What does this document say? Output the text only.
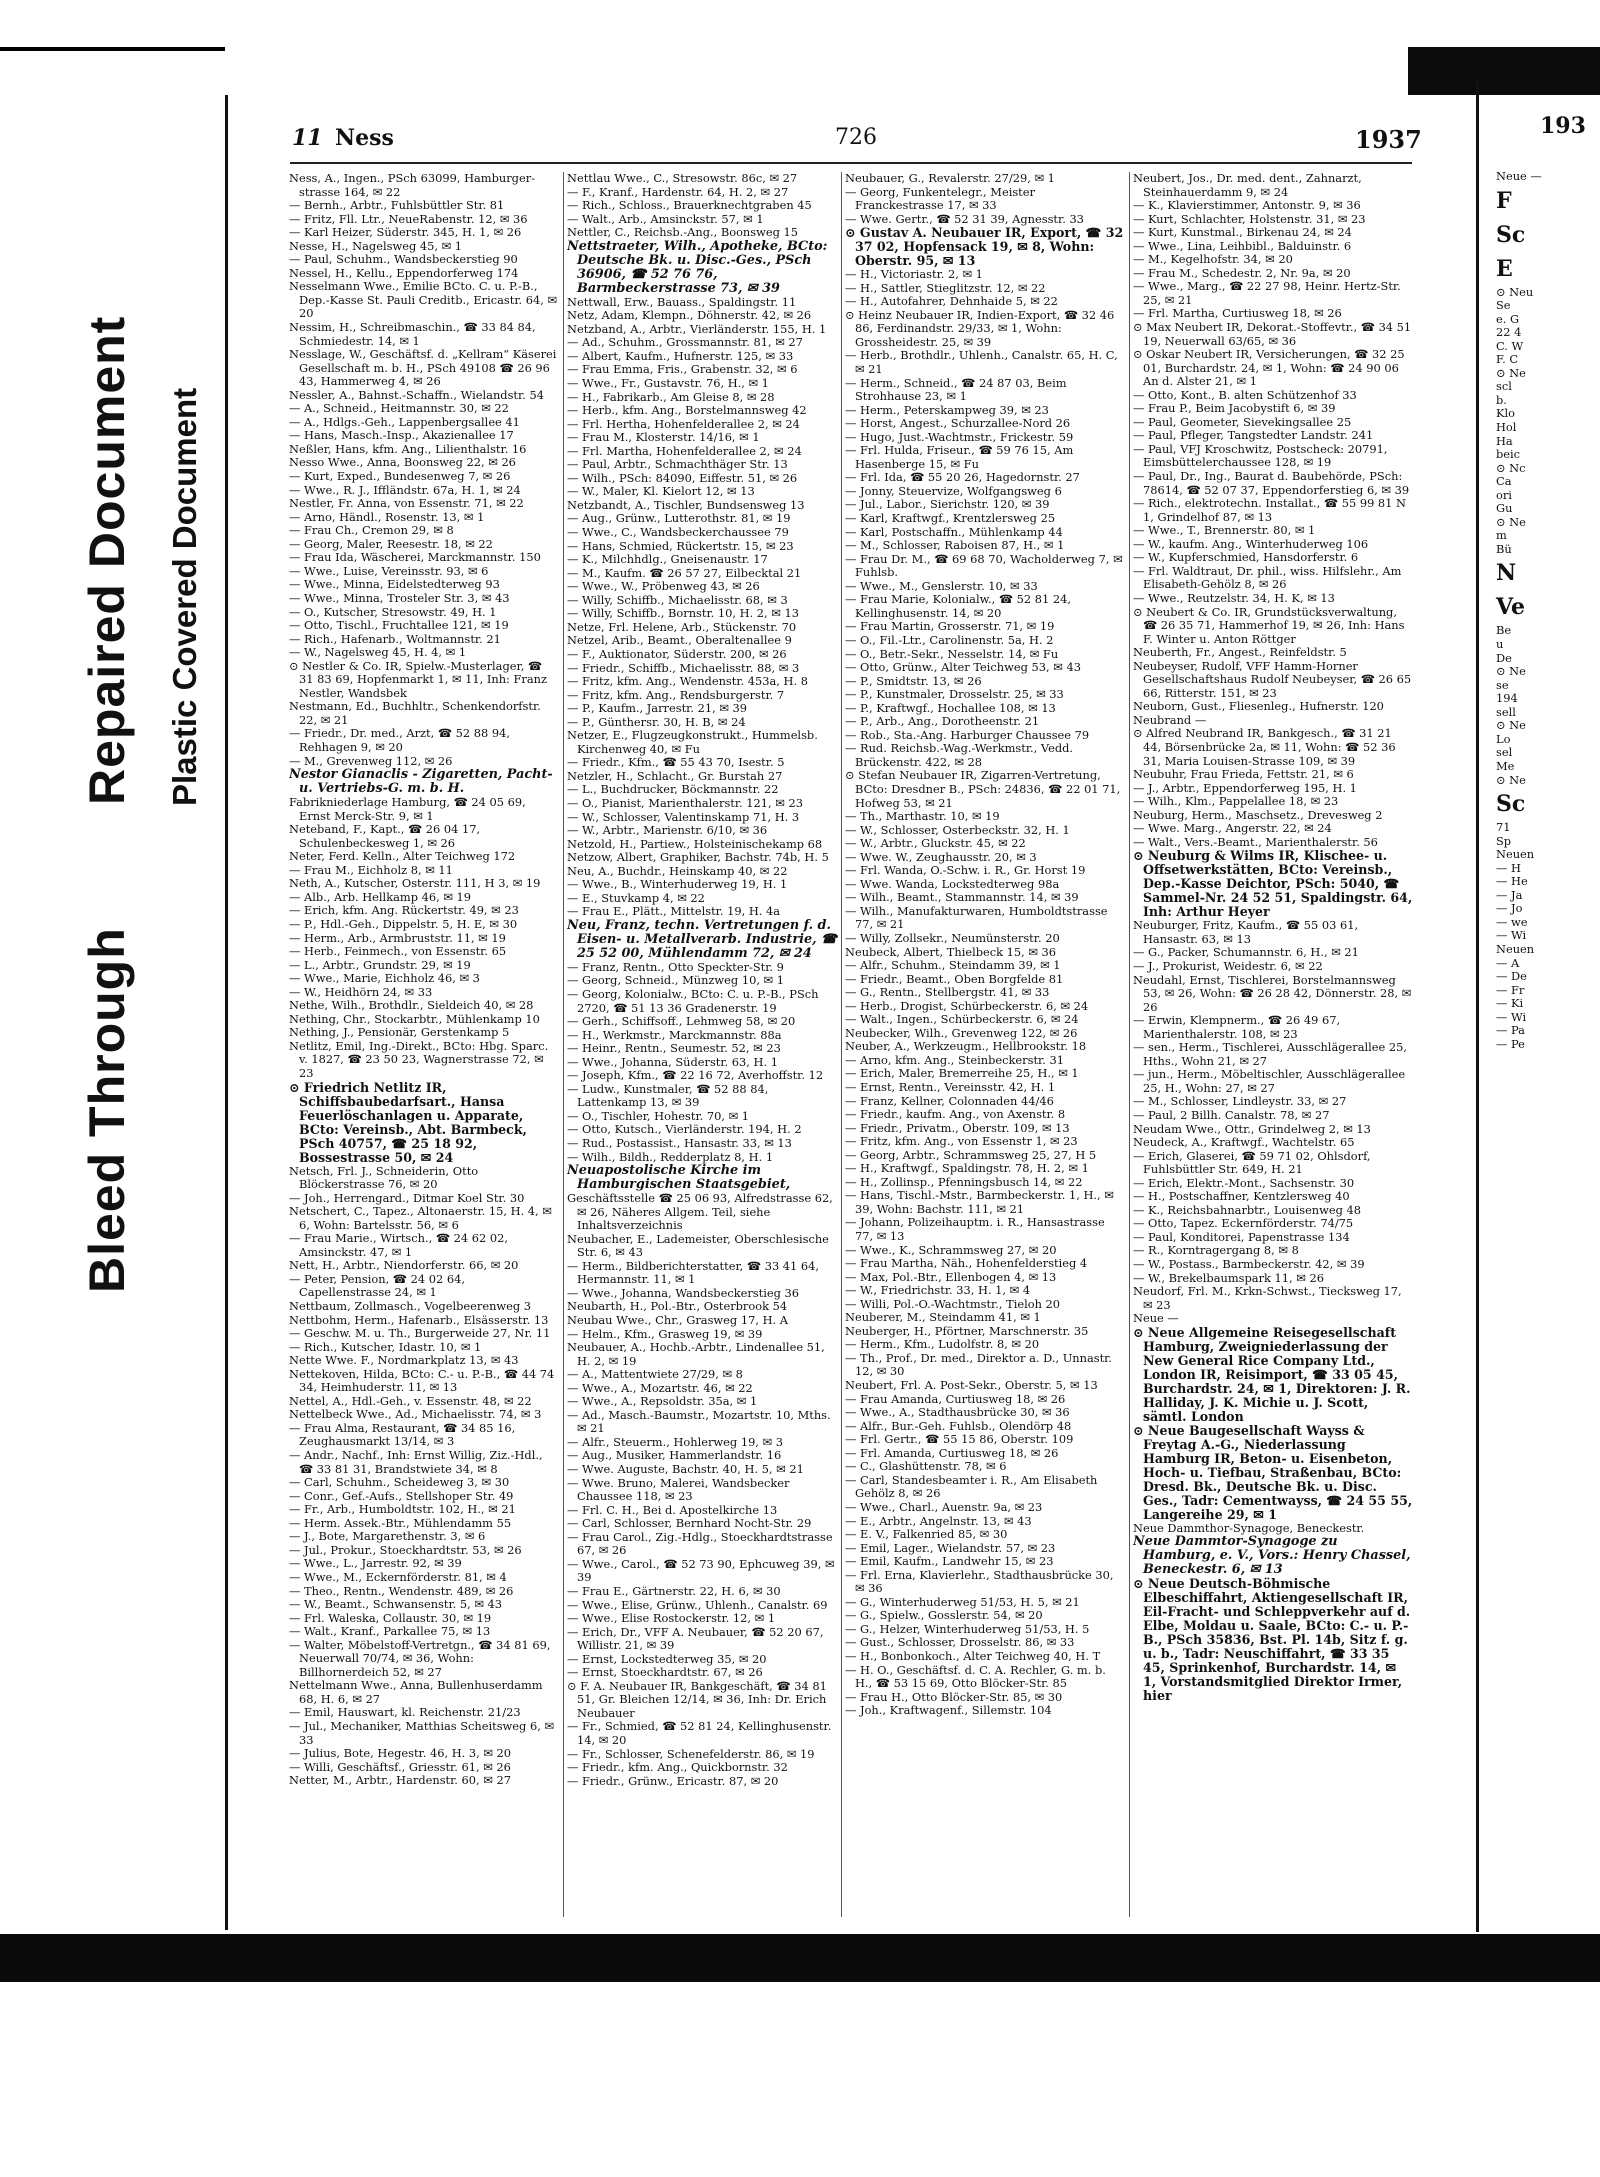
Bleed Through
Repaired Document Plastic Covered Document
11 Ness	726	1937
Ness, A., Ingen., PSch 63099, Hamburger-strasse 164, ✉ 22
— Bernh., Arbtr., Fuhlsbüttler Str. 81
— Fritz, Fll. Ltr., NeueRabenstr. 12, ✉ 36
— Karl Heizer, Süderstr. 345, H. 1, ✉ 26
Nesse, H., Nagelsweg 45, ✉ 1
— Paul, Schuhm., Wandsbeckerstieg 90
Nessel, H., Kellu., Eppendorferweg 174
Nesselmann Wwe., Emilie BCto. C. u. P.-B., Dep.-Kasse St. Pauli Creditb., Ericastr. 64, ✉ 20
Nessim, H., Schreibmaschin., ☎ 33 84 84, Schmiedestr. 14, ✉ 1
Nesslage, W., Geschäftsf. d. „Kellram“ Käserei Gesellschaft m. b. H., PSch 49108 ☎ 26 96 43, Hammerweg 4, ✉ 26
Nessler, A., Bahnst.-Schaffn., Wielandstr. 54
— A., Schneid., Heitmannstr. 30, ✉ 22
— A., Hdlgs.-Geh., Lappenbergsallee 41
— Hans, Masch.-Insp., Akazienallee 17
Neßler, Hans, kfm. Ang., Lilienthalstr. 16
Nesso Wwe., Anna, Boonsweg 22, ✉ 26
— Kurt, Exped., Bundesenweg 7, ✉ 26
— Wwe., R. J., Iffländstr. 67a, H. 1, ✉ 24
Nestler, Fr. Anna, von Essenstr. 71, ✉ 22
— Arno, Händl., Rosenstr. 13, ✉ 1
— Frau Ch., Cremon 29, ✉ 8
— Georg, Maler, Reesestr. 18, ✉ 22
— Frau Ida, Wäscherei, Marckmannstr. 150
— Wwe., Luise, Vereinsstr. 93, ✉ 6
— Wwe., Minna, Eidelstedterweg 93
— Wwe., Minna, Trosteler Str. 3, ✉ 43
— O., Kutscher, Stresowstr. 49, H. 1
— Otto, Tischl., Fruchtallee 121, ✉ 19
— Rich., Hafenarb., Woltmannstr. 21
— W., Nagelsweg 45, H. 4, ✉ 1
⊙ Nestler & Co. IR, Spielw.-Musterlager, ☎ 31 83 69, Hopfenmarkt 1, ✉ 11, Inh: Franz Nestler, Wandsbek
Nestmann, Ed., Buchhltr., Schenkendorfstr. 22, ✉ 21
— Friedr., Dr. med., Arzt, ☎ 52 88 94, Rehhagen 9, ✉ 20
— M., Grevenweg 112, ✉ 26
Nestor Gianaclis - Zigaretten, Pacht-u. Vertriebs-G. m. b. H.
Fabrikniederlage Hamburg, ☎ 24 05 69, Ernst Merck-Str. 9, ✉ 1
Neteband, F., Kapt., ☎ 26 04 17, Schulenbeckesweg 1, ✉ 26
Neter, Ferd. Kelln., Alter Teichweg 172
— Frau M., Eichholz 8, ✉ 11
Neth, A., Kutscher, Osterstr. 111, H 3, ✉ 19
— Alb., Arb. Hellkamp 46, ✉ 19
— Erich, kfm. Ang. Rückertstr. 49, ✉ 23
— P., Hdl.-Geh., Dippelstr. 5, H. E, ✉ 30
— Herm., Arb., Armbruststr. 11, ✉ 19
— Herb., Feinmech., von Essenstr. 65
— L., Arbtr., Grundstr. 29, ✉ 19
— Wwe., Marie, Eichholz 46, ✉ 3
— W., Heidhörn 24, ✉ 33
Nethe, Wilh., Brothdlr., Sieldeich 40, ✉ 28
Nething, Chr., Stockarbtr., Mühlenkamp 10
Nething, J., Pensionär, Gerstenkamp 5
Netlitz, Emil, Ing.-Direkt., BCto: Hbg. Sparc. v. 1827, ☎ 23 50 23, Wagnerstrasse 72, ✉ 23
⊙ Friedrich Netlitz IR, Schiffsbaubedarfsart., Hansa Feuerlöschanlagen u. Apparate, BCto: Vereinsb., Abt. Barmbeck, PSch 40757, ☎ 25 18 92, Bossestrasse 50, ✉ 24
Netsch, Frl. J., Schneiderin, Otto Blöckerstrasse 76, ✉ 20
— Joh., Herrengard., Ditmar Koel Str. 30
Netschert, C., Tapez., Altonaerstr. 15, H. 4, ✉ 6, Wohn: Bartelsstr. 56, ✉ 6
— Frau Marie., Wirtsch., ☎ 24 62 02, Amsinckstr. 47, ✉ 1
Nett, H., Arbtr., Niendorferstr. 66, ✉ 20
— Peter, Pension, ☎ 24 02 64, Capellenstrasse 24, ✉ 1
Nettbaum, Zollmasch., Vogelbeerenweg 3
Nettbohm, Herm., Hafenarb., Elsässerstr. 13
— Geschw. M. u. Th., Burgerweide 27, Nr. 11
— Rich., Kutscher, Idastr. 10, ✉ 1
Nette Wwe. F., Nordmarkplatz 13, ✉ 43
Nettekoven, Hilda, BCto: C.- u. P.-B., ☎ 44 74 34, Heimhuderstr. 11, ✉ 13
Nettel, A., Hdl.-Geh., v. Essenstr. 48, ✉ 22
Nettelbeck Wwe., Ad., Michaelisstr. 74, ✉ 3
— Frau Alma, Restaurant, ☎ 34 85 16, Zeughausmarkt 13/14, ✉ 3
— Andr., Nachf., Inh: Ernst Willig, Ziz.-Hdl., ☎ 33 81 31, Brandstwiete 34, ✉ 8
— Carl, Schuhm., Scheideweg 3, ✉ 30
— Conr., Gef.-Aufs., Stellshoper Str. 49
— Fr., Arb., Humboldtstr. 102, H., ✉ 21
— Herm. Assek.-Btr., Mühlendamm 55
— J., Bote, Margarethenstr. 3, ✉ 6
— Jul., Prokur., Stoeckhardtstr. 53, ✉ 26
— Wwe., L., Jarrestr. 92, ✉ 39
— Wwe., M., Eckernförderstr. 81, ✉ 4
— Theo., Rentn., Wendenstr. 489, ✉ 26
— W., Beamt., Schwansenstr. 5, ✉ 43
— Frl. Waleska, Collaustr. 30, ✉ 19
— Walt., Kranf., Parkallee 75, ✉ 13
— Walter, Möbelstoff-Vertretgn., ☎ 34 81 69, Neuerwall 70/74, ✉ 36, Wohn: Billhornerdeich 52, ✉ 27
Nettelmann Wwe., Anna, Bullenhuserdamm 68, H. 6, ✉ 27
— Emil, Hauswart, kl. Reichenstr. 21/23
— Jul., Mechaniker, Matthias Scheitsweg 6, ✉ 33
— Julius, Bote, Hegestr. 46, H. 3, ✉ 20
— Willi, Geschäftsf., Griesstr. 61, ✉ 26
Netter, M., Arbtr., Hardenstr. 60, ✉ 27
Nettlau Wwe., C., Stresowstr. 86c, ✉ 27
— F., Kranf., Hardenstr. 64, H. 2, ✉ 27
— Rich., Schloss., Brauerknechtgraben 45
— Walt., Arb., Amsinckstr. 57, ✉ 1
Nettler, C., Reichsb.-Ang., Boonsweg 15
Nettstraeter, Wilh., Apotheke, BCto: Deutsche Bk. u. Disc.-Ges., PSch 36906, ☎ 52 76 76, Barmbeckerstrasse 73, ✉ 39
Nettwall, Erw., Bauass., Spaldingstr. 11
Netz, Adam, Klempn., Döhnerstr. 42, ✉ 26
Netzband, A., Arbtr., Vierländerstr. 155, H. 1
— Ad., Schuhm., Grossmannstr. 81, ✉ 27
— Albert, Kaufm., Hufnerstr. 125, ✉ 33
— Frau Emma, Fris., Grabenstr. 32, ✉ 6
— Wwe., Fr., Gustavstr. 76, H., ✉ 1
— H., Fabrikarb., Am Gleise 8, ✉ 28
— Herb., kfm. Ang., Borstelmannsweg 42
— Frl. Hertha, Hohenfelderallee 2, ✉ 24
— Frau M., Klosterstr. 14/16, ✉ 1
— Frl. Martha, Hohenfelderallee 2, ✉ 24
— Paul, Arbtr., Schmachthäger Str. 13
— Wilh., PSch: 84090, Eiffestr. 51, ✉ 26
— W., Maler, Kl. Kielort 12, ✉ 13
Netzbandt, A., Tischler, Bundsensweg 13
— Aug., Grünw., Lutterothstr. 81, ✉ 19
— Wwe., C., Wandsbeckerchaussee 79
— Hans, Schmied, Rückertstr. 15, ✉ 23
— K., Milchhdlg., Gneisenaustr. 17
— M., Kaufm. ☎ 26 57 27, Eilbecktal 21
— Wwe., W., Pröbenweg 43, ✉ 26
— Willy, Schiffb., Michaelisstr. 68, ✉ 3
— Willy, Schiffb., Bornstr. 10, H. 2, ✉ 13
Netze, Frl. Helene, Arb., Stückenstr. 70
Netzel, Arib., Beamt., Oberaltenallee 9
— F., Auktionator, Süderstr. 200, ✉ 26
— Friedr., Schiffb., Michaelisstr. 88, ✉ 3
— Fritz, kfm. Ang., Wendenstr. 453a, H. 8
— Fritz, kfm. Ang., Rendsburgerstr. 7
— P., Kaufm., Jarrestr. 21, ✉ 39
— P., Günthersr. 30, H. B, ✉ 24
Netzer, E., Flugzeugkonstrukt., Hummelsb. Kirchenweg 40, ✉ Fu
— Friedr., Kfm., ☎ 55 43 70, Isestr. 5
Netzler, H., Schlacht., Gr. Burstah 27
— L., Buchdrucker, Böckmannstr. 22
— O., Pianist, Marienthalerstr. 121, ✉ 23
— W., Schlosser, Valentinskamp 71, H. 3
— W., Arbtr., Marienstr. 6/10, ✉ 36
Netzold, H., Partiew., Holsteinischekamp 68
Netzow, Albert, Graphiker, Bachstr. 74b, H. 5
Neu, A., Buchdr., Heinskamp 40, ✉ 22
— Wwe., B., Winterhuderweg 19, H. 1
— E., Stuvkamp 4, ✉ 22
— Frau E., Plätt., Mittelstr. 19, H. 4a
Neu, Franz, techn. Vertretungen f. d. Eisen- u. Metallverarb. Industrie, ☎ 25 52 00, Mühlendamm 72, ✉ 24
— Franz, Rentn., Otto Speckter-Str. 9
— Georg, Schneid., Münzweg 10, ✉ 1
— Georg, Kolonialw., BCto: C. u. P.-B., PSch 2720, ☎ 51 13 36 Gradenerstr. 19
— Gerh., Schiffsoff., Lehmweg 58, ✉ 20
— H., Werkmstr., Marckmannstr. 88a
— Heinr., Rentn., Seumestr. 52, ✉ 23
— Wwe., Johanna, Süderstr. 63, H. 1
— Joseph, Kfm., ☎ 22 16 72, Averhoffstr. 12
— Ludw., Kunstmaler, ☎ 52 88 84, Lattenkamp 13, ✉ 39
— O., Tischler, Hohestr. 70, ✉ 1
— Otto, Kutsch., Vierländerstr. 194, H. 2
— Rud., Postassist., Hansastr. 33, ✉ 13
— Wilh., Bildh., Redderplatz 8, H. 1
Neuapostolische Kirche im Hamburgischen Staatsgebiet,
Geschäftsstelle ☎ 25 06 93, Alfredstrasse 62, ✉ 26, Näheres Allgem. Teil, siehe Inhaltsverzeichnis
Neubacher, E., Lademeister, Oberschlesische Str. 6, ✉ 43
— Herm., Bildberichterstatter, ☎ 33 41 64, Hermannstr. 11, ✉ 1
— Wwe., Johanna, Wandsbeckerstieg 36
Neubarth, H., Pol.-Btr., Osterbrook 54
Neubau Wwe., Chr., Grasweg 17, H. A
— Helm., Kfm., Grasweg 19, ✉ 39
Neubauer, A., Hochb.-Arbtr., Lindenallee 51, H. 2, ✉ 19
— A., Mattentwiete 27/29, ✉ 8
— Wwe., A., Mozartstr. 46, ✉ 22
— Wwe., A., Repsoldstr. 35a, ✉ 1
— Ad., Masch.-Baumstr., Mozartstr. 10, Mths. ✉ 21
— Alfr., Steuerm., Hohlerweg 19, ✉ 3
— Aug., Musiker, Hammerlandstr. 16
— Wwe. Auguste, Bachstr. 40, H. 5, ✉ 21
— Wwe. Bruno, Malerei, Wandsbecker Chaussee 118, ✉ 23
— Frl. C. H., Bei d. Apostelkirche 13
— Carl, Schlosser, Bernhard Nocht-Str. 29
— Frau Carol., Zig.-Hdlg., Stoeckhardtstrasse 67, ✉ 26
— Wwe., Carol., ☎ 52 73 90, Ephcuweg 39, ✉ 39
— Frau E., Gärtnerstr. 22, H. 6, ✉ 30
— Wwe., Elise, Grünw., Uhlenh., Canalstr. 69
— Wwe., Elise Rostockerstr. 12, ✉ 1
— Erich, Dr., VFF A. Neubauer, ☎ 52 20 67, Willistr. 21, ✉ 39
— Ernst, Lockstedterweg 35, ✉ 20
— Ernst, Stoeckhardtstr. 67, ✉ 26
⊙ F. A. Neubauer IR, Bankgeschäft, ☎ 34 81 51, Gr. Bleichen 12/14, ✉ 36, Inh: Dr. Erich Neubauer
— Fr., Schmied, ☎ 52 81 24, Kellinghusenstr. 14, ✉ 20
— Fr., Schlosser, Schenefelderstr. 86, ✉ 19
— Friedr., kfm. Ang., Quickbornstr. 32
— Friedr., Grünw., Ericastr. 87, ✉ 20
Neubauer, G., Revalerstr. 27/29, ✉ 1
— Georg, Funkentelegr., Meister Franckestrasse 17, ✉ 33
— Wwe. Gertr., ☎ 52 31 39, Agnesstr. 33
⊙ Gustav A. Neubauer IR, Export, ☎ 32 37 02, Hopfensack 19, ✉ 8, Wohn: Oberstr. 95, ✉ 13
— H., Victoriastr. 2, ✉ 1
— H., Sattler, Stieglitzstr. 12, ✉ 22
— H., Autofahrer, Dehnhaide 5, ✉ 22
⊙ Heinz Neubauer IR, Indien-Export, ☎ 32 46 86, Ferdinandstr. 29/33, ✉ 1, Wohn: Grossheidestr. 25, ✉ 39
— Herb., Brothdlr., Uhlenh., Canalstr. 65, H. C, ✉ 21
— Herm., Schneid., ☎ 24 87 03, Beim Strohhause 23, ✉ 1
— Herm., Peterskampweg 39, ✉ 23
— Horst, Angest., Schurzallee-Nord 26
— Hugo, Just.-Wachtmstr., Frickestr. 59
— Frl. Hulda, Friseur., ☎ 59 76 15, Am Hasenberge 15, ✉ Fu
— Frl. Ida, ☎ 55 20 26, Hagedornstr. 27
— Jonny, Steuervize, Wolfgangsweg 6
— Jul., Labor., Sierichstr. 120, ✉ 39
— Karl, Kraftwgf., Krentzlersweg 25
— Karl, Postschaffn., Mühlenkamp 44
— M., Schlosser, Raboisen 87, H., ✉ 1
— Frau Dr. M., ☎ 69 68 70, Wacholderweg 7, ✉ Fuhlsb.
— Wwe., M., Genslerstr. 10, ✉ 33
— Frau Marie, Kolonialw., ☎ 52 81 24, Kellinghusenstr. 14, ✉ 20
— Frau Martin, Grosserstr. 71, ✉ 19
— O., Fil.-Ltr., Carolinenstr. 5a, H. 2
— O., Betr.-Sekr., Nesselstr. 14, ✉ Fu
— Otto, Grünw., Alter Teichweg 53, ✉ 43
— P., Smidtstr. 13, ✉ 26
— P., Kunstmaler, Drosselstr. 25, ✉ 33
— P., Kraftwgf., Hochallee 108, ✉ 13
— P., Arb., Ang., Dorotheenstr. 21
— Rob., Sta.-Ang. Harburger Chaussee 79
— Rud. Reichsb.-Wag.-Werkmstr., Vedd. Brückenstr. 422, ✉ 28
⊙ Stefan Neubauer IR, Zigarren-Vertretung, BCto: Dresdner B., PSch: 24836, ☎ 22 01 71, Hofweg 53, ✉ 21
— Th., Marthastr. 10, ✉ 19
— W., Schlosser, Osterbeckstr. 32, H. 1
— W., Arbtr., Gluckstr. 45, ✉ 22
— Wwe. W., Zeughausstr. 20, ✉ 3
— Frl. Wanda, O.-Schw. i. R., Gr. Horst 19
— Wwe. Wanda, Lockstedterweg 98a
— Wilh., Beamt., Stammannstr. 14, ✉ 39
— Wilh., Manufakturwaren, Humboldtstrasse 77, ✉ 21
— Willy, Zollsekr., Neumünsterstr. 20
Neubeck, Albert, Thielbeck 15, ✉ 36
— Alfr., Schuhm., Steindamm 39, ✉ 1
— Friedr., Beamt., Oben Borgfelde 81
— G., Rentn., Stellbergstr. 41, ✉ 33
— Herb., Drogist, Schürbeckerstr. 6, ✉ 24
— Walt., Ingen., Schürbeckerstr. 6, ✉ 24
Neubecker, Wilh., Grevenweg 122, ✉ 26
Neuber, A., Werkzeugm., Hellbrookstr. 18
— Arno, kfm. Ang., Steinbeckerstr. 31
— Erich, Maler, Bremerreihe 25, H., ✉ 1
— Ernst, Rentn., Vereinsstr. 42, H. 1
— Franz, Kellner, Colonnaden 44/46
— Friedr., kaufm. Ang., von Axenstr. 8
— Friedr., Privatm., Oberstr. 109, ✉ 13
— Fritz, kfm. Ang., von Essenstr 1, ✉ 23
— Georg, Arbtr., Schrammsweg 25, 27, H 5
— H., Kraftwgf., Spaldingstr. 78, H. 2, ✉ 1
— H., Zollinsp., Pfenningsbusch 14, ✉ 22
— Hans, Tischl.-Mstr., Barmbeckerstr. 1, H., ✉ 39, Wohn: Bachstr. 111, ✉ 21
— Johann, Polizeihauptm. i. R., Hansastrasse 77, ✉ 13
— Wwe., K., Schrammsweg 27, ✉ 20
— Frau Martha, Näh., Hohenfelderstieg 4
— Max, Pol.-Btr., Ellenbogen 4, ✉ 13
— W., Friedrichstr. 33, H. 1, ✉ 4
— Willi, Pol.-O.-Wachtmstr., Tieloh 20
Neuberer, M., Steindamm 41, ✉ 1
Neuberger, H., Pförtner, Marschnerstr. 35
— Herm., Kfm., Ludolfstr. 8, ✉ 20
— Th., Prof., Dr. med., Direktor a. D., Unnastr. 12, ✉ 30
Neubert, Frl. A. Post-Sekr., Oberstr. 5, ✉ 13
— Frau Amanda, Curtiusweg 18, ✉ 26
— Wwe., A., Stadthausbrücke 30, ✉ 36
— Alfr., Bur.-Geh. Fuhlsb., Olendörp 48
— Frl. Gertr., ☎ 55 15 86, Oberstr. 109
— Frl. Amanda, Curtiusweg 18, ✉ 26
— C., Glashüttenstr. 78, ✉ 6
— Carl, Standesbeamter i. R., Am Elisabeth Gehölz 8, ✉ 26
— Wwe., Charl., Auenstr. 9a, ✉ 23
— E., Arbtr., Angelnstr. 13, ✉ 43
— E. V., Falkenried 85, ✉ 30
— Emil, Lager., Wielandstr. 57, ✉ 23
— Emil, Kaufm., Landwehr 15, ✉ 23
— Frl. Erna, Klavierlehr., Stadthausbrücke 30, ✉ 36
— G., Winterhuderweg 51/53, H. 5, ✉ 21
— G., Spielw., Gosslerstr. 54, ✉ 20
— G., Helzer, Winterhuderweg 51/53, H. 5
— Gust., Schlosser, Drosselstr. 86, ✉ 33
— H., Bonbonkoch., Alter Teichweg 40, H. T
— H. O., Geschäftsf. d. C. A. Rechler, G. m. b. H., ☎ 53 15 69, Otto Blöcker-Str. 85
— Frau H., Otto Blöcker-Str. 85, ✉ 30
— Joh., Kraftwagenf., Sillemstr. 104
Neubert, Jos., Dr. med. dent., Zahnarzt, Steinhauerdamm 9, ✉ 24
— K., Klavierstimmer, Antonstr. 9, ✉ 36
— Kurt, Schlachter, Holstenstr. 31, ✉ 23
— Kurt, Kunstmal., Birkenau 24, ✉ 24
— Wwe., Lina, Leihbibl., Balduinstr. 6
— M., Kegelhofstr. 34, ✉ 20
— Frau M., Schedestr. 2, Nr. 9a, ✉ 20
— Wwe., Marg., ☎ 22 27 98, Heinr. Hertz-Str. 25, ✉ 21
— Frl. Martha, Curtiusweg 18, ✉ 26
⊙ Max Neubert IR, Dekorat.-Stoffevtr., ☎ 34 51 19, Neuerwall 63/65, ✉ 36
⊙ Oskar Neubert IR, Versicherungen, ☎ 32 25 01, Burchardstr. 24, ✉ 1, Wohn: ☎ 24 90 06 An d. Alster 21, ✉ 1
— Otto, Kont., B. alten Schützenhof 33
— Frau P., Beim Jacobystift 6, ✉ 39
— Paul, Geometer, Sievekingsallee 25
— Paul, Pfleger, Tangstedter Landstr. 241
— Paul, VFJ Kroschwitz, Postscheck: 20791, Eimsbüttelerchaussee 128, ✉ 19
— Paul, Dr., Ing., Baurat d. Baubehörde, PSch: 78614, ☎ 52 07 37, Eppendorferstieg 6, ✉ 39
— Rich., elektrotechn. Installat., ☎ 55 99 81 N 1, Grindelhof 87, ✉ 13
— Wwe., T., Brennerstr. 80, ✉ 1
— W., kaufm. Ang., Winterhuderweg 106
— W., Kupferschmied, Hansdorferstr. 6
— Frl. Waldtraut, Dr. phil., wiss. Hilfslehr., Am Elisabeth-Gehölz 8, ✉ 26
— Wwe., Reutzelstr. 34, H. K, ✉ 13
⊙ Neubert & Co. IR, Grundstücksverwaltung, ☎ 26 35 71, Hammerhof 19, ✉ 26, Inh: Hans F. Winter u. Anton Röttger
Neuberth, Fr., Angest., Reinfeldstr. 5
Neubeyser, Rudolf, VFF Hamm-Horner Gesellschaftshaus Rudolf Neubeyser, ☎ 26 65 66, Ritterstr. 151, ✉ 23
Neuborn, Gust., Fliesenleg., Hufnerstr. 120
Neubrand —
⊙ Alfred Neubrand IR, Bankgesch., ☎ 31 21 44, Börsenbrücke 2a, ✉ 11, Wohn: ☎ 52 36 31, Maria Louisen-Strasse 109, ✉ 39
Neubuhr, Frau Frieda, Fettstr. 21, ✉ 6
— J., Arbtr., Eppendorferweg 195, H. 1
— Wilh., Klm., Pappelallee 18, ✉ 23
Neuburg, Herm., Maschsetz., Drevesweg 2
— Wwe. Marg., Angerstr. 22, ✉ 24
— Walt., Vers.-Beamt., Marienthalerstr. 56
⊙ Neuburg & Wilms IR, Klischee- u. Offsetwerkstätten, BCto: Vereinsb., Dep.-Kasse Deichtor, PSch: 5040, ☎ Sammel-Nr. 24 52 51, Spaldingstr. 64, Inh: Arthur Heyer
Neuburger, Fritz, Kaufm., ☎ 55 03 61, Hansastr. 63, ✉ 13
— G., Packer, Schumannstr. 6, H., ✉ 21
— J., Prokurist, Weidestr. 6, ✉ 22
Neudahl, Ernst, Tischlerei, Borstelmannsweg 53, ✉ 26, Wohn: ☎ 26 28 42, Dönnerstr. 28, ✉ 26
— Erwin, Klempnerm., ☎ 26 49 67, Marienthalerstr. 108, ✉ 23
— sen., Herm., Tischlerei, Ausschlägerallee 25, Hths., Wohn 21, ✉ 27
— jun., Herm., Möbeltischler, Ausschlägerallee 25, H., Wohn: 27, ✉ 27
— M., Schlosser, Lindleystr. 33, ✉ 27
— Paul, 2 Billh. Canalstr. 78, ✉ 27
Neudam Wwe., Ottr., Grindelweg 2, ✉ 13
Neudeck, A., Kraftwgf., Wachtelstr. 65
— Erich, Glaserei, ☎ 59 71 02, Ohlsdorf, Fuhlsbüttler Str. 649, H. 21
— Erich, Elektr.-Mont., Sachsenstr. 30
— H., Postschaffner, Kentzlersweg 40
— K., Reichsbahnarbtr., Louisenweg 48
— Otto, Tapez. Eckernförderstr. 74/75
— Paul, Konditorei, Papenstrasse 134
— R., Korntragergang 8, ✉ 8
— W., Postass., Barmbeckerstr. 42, ✉ 39
— W., Brekelbaumspark 11, ✉ 26
Neudorf, Frl. M., Krkn-Schwst., Tiecksweg 17, ✉ 23
Neue —
⊙ Neue Allgemeine Reisegesellschaft Hamburg, Zweigniederlassung der New General Rice Company Ltd., London IR, Reisimport, ☎ 33 05 45, Burchardstr. 24, ✉ 1, Direktoren: J. R. Halliday, J. K. Michie u. J. Scott, sämtl. London
⊙ Neue Baugesellschaft Wayss & Freytag A.-G., Niederlassung Hamburg IR, Beton- u. Eisenbeton, Hoch- u. Tiefbau, Straßenbau, BCto: Dresd. Bk., Deutsche Bk. u. Disc. Ges., Tadr: Cementwayss, ☎ 24 55 55, Langereihe 29, ✉ 1
Neue Dammthor-Synagoge, Beneckestr.
Neue Dammtor-Synagoge zu Hamburg, e. V., Vors.: Henry Chassel, Beneckestr. 6, ✉ 13
⊙ Neue Deutsch-Böhmische Elbeschiffahrt, Aktiengesellschaft IR, Eil-Fracht- und Schleppverkehr auf d. Elbe, Moldau u. Saale, BCto: C.- u. P.-B., PSch 35836, Bst. Pl. 14b, Sitz f. g. u. b., Tadr: Neuschiffahrt, ☎ 33 35 45, Sprinkenhof, Burchardstr. 14, ✉ 1, Vorstandsmitglied Direktor Irmer, hier
193
Neue —
F
Sc
E
⊙ Neu
Se
e. G
22 4
C. W
F. C
⊙ Ne
scl
b.
Klo
Hol
Ha
beic
⊙ Nc
Ca
ori
Gu
⊙ Ne
m
Bü
N
Ve
Be
u
De
⊙ Ne
se
194
sell
⊙ Ne
Lo
sel
Me
⊙ Ne
Sc
71
Sp
Neuen
— H
— He
— Ja
— Jo
— we
— Wi
Neuen
— A
— De
— Fr
— Ki
— Wi
— Pa
— Pe
